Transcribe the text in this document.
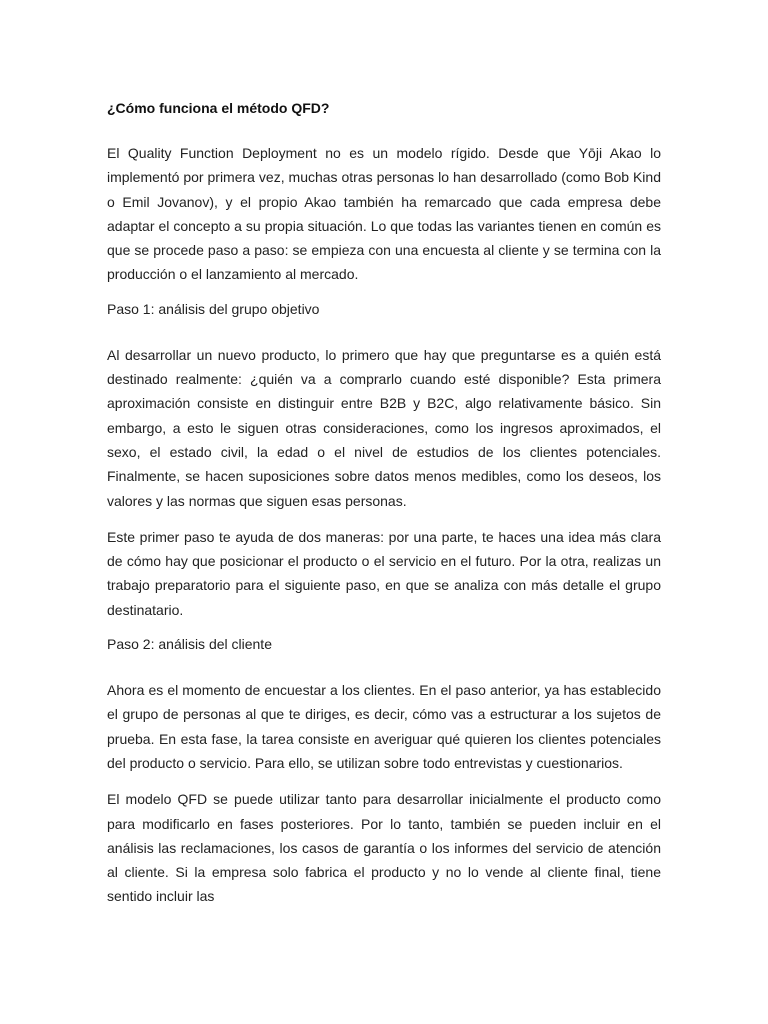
¿Cómo funciona el método QFD?

El Quality Function Deployment no es un modelo rígido. Desde que Yōji Akao lo implementó por primera vez, muchas otras personas lo han desarrollado (como Bob Kind o Emil Jovanov), y el propio Akao también ha remarcado que cada empresa debe adaptar el concepto a su propia situación. Lo que todas las variantes tienen en común es que se procede paso a paso: se empieza con una encuesta al cliente y se termina con la producción o el lanzamiento al mercado.

Paso 1: análisis del grupo objetivo

Al desarrollar un nuevo producto, lo primero que hay que preguntarse es a quién está destinado realmente: ¿quién va a comprarlo cuando esté disponible? Esta primera aproximación consiste en distinguir entre B2B y B2C, algo relativamente básico. Sin embargo, a esto le siguen otras consideraciones, como los ingresos aproximados, el sexo, el estado civil, la edad o el nivel de estudios de los clientes potenciales. Finalmente, se hacen suposiciones sobre datos menos medibles, como los deseos, los valores y las normas que siguen esas personas.

Este primer paso te ayuda de dos maneras: por una parte, te haces una idea más clara de cómo hay que posicionar el producto o el servicio en el futuro. Por la otra, realizas un trabajo preparatorio para el siguiente paso, en que se analiza con más detalle el grupo destinatario.

Paso 2: análisis del cliente

Ahora es el momento de encuestar a los clientes. En el paso anterior, ya has establecido el grupo de personas al que te diriges, es decir, cómo vas a estructurar a los sujetos de prueba. En esta fase, la tarea consiste en averiguar qué quieren los clientes potenciales del producto o servicio. Para ello, se utilizan sobre todo entrevistas y cuestionarios.

El modelo QFD se puede utilizar tanto para desarrollar inicialmente el producto como para modificarlo en fases posteriores. Por lo tanto, también se pueden incluir en el análisis las reclamaciones, los casos de garantía o los informes del servicio de atención al cliente. Si la empresa solo fabrica el producto y no lo vende al cliente final, tiene sentido incluir las
